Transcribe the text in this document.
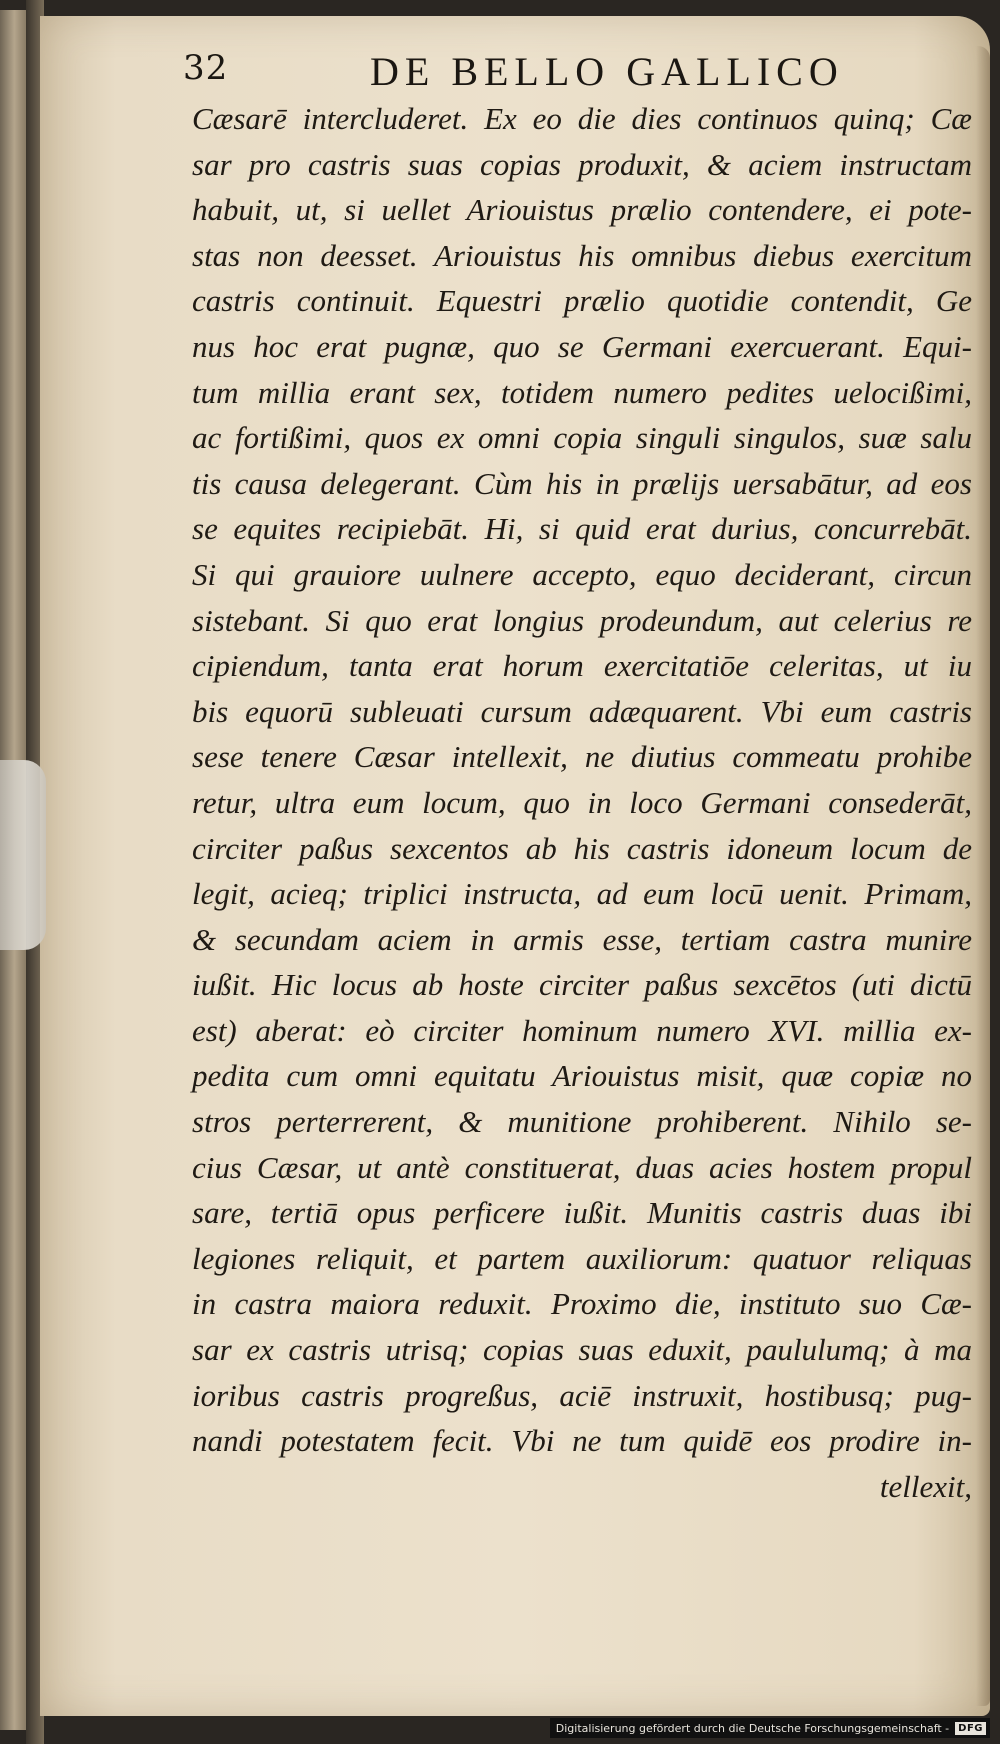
32	DE BELLO GALLICO
Cæsarē intercluderet. Ex eo die dies continuos quinq; Cæ
sar pro castris suas copias produxit, & aciem instructam
habuit, ut, si uellet Ariouistus prælio contendere, ei pote-
stas non deesset. Ariouistus his omnibus diebus exercitum
castris continuit. Equestri prælio quotidie contendit, Ge
nus hoc erat pugnæ, quo se Germani exercuerant. Equi-
tum millia erant sex, totidem numero pedites uelocißimi,
ac fortißimi, quos ex omni copia singuli singulos, suæ salu
tis causa delegerant. Cùm his in prælijs uersabātur, ad eos
se equites recipiebāt. Hi, si quid erat durius, concurrebāt.
Si qui grauiore uulnere accepto, equo deciderant, circun
sistebant. Si quo erat longius prodeundum, aut celerius re
cipiendum, tanta erat horum exercitatiōe celeritas, ut iu
bis equorū subleuati cursum adæquarent. Vbi eum castris
sese tenere Cæsar intellexit, ne diutius commeatu prohibe
retur, ultra eum locum, quo in loco Germani consederāt,
circiter paßus sexcentos ab his castris idoneum locum de
legit, acieq; triplici instructa, ad eum locū uenit. Primam,
& secundam aciem in armis esse, tertiam castra munire
iußit. Hic locus ab hoste circiter paßus sexcētos (uti dictū
est) aberat: eò circiter hominum numero XVI. millia ex-
pedita cum omni equitatu Ariouistus misit, quæ copiæ no
stros perterrerent, & munitione prohiberent. Nihilo se-
cius Cæsar, ut antè constituerat, duas acies hostem propul
sare, tertiā opus perficere iußit. Munitis castris duas ibi
legiones reliquit, et partem auxiliorum: quatuor reliquas
in castra maiora reduxit. Proximo die, instituto suo Cæ-
sar ex castris utrisq; copias suas eduxit, paululumq; à ma
ioribus castris progreßus, aciē instruxit, hostibusq; pug-
nandi potestatem fecit. Vbi ne tum quidē eos prodire in-
tellexit,
Digitalisierung gefördert durch die Deutsche Forschungsgemeinschaft - DFG
